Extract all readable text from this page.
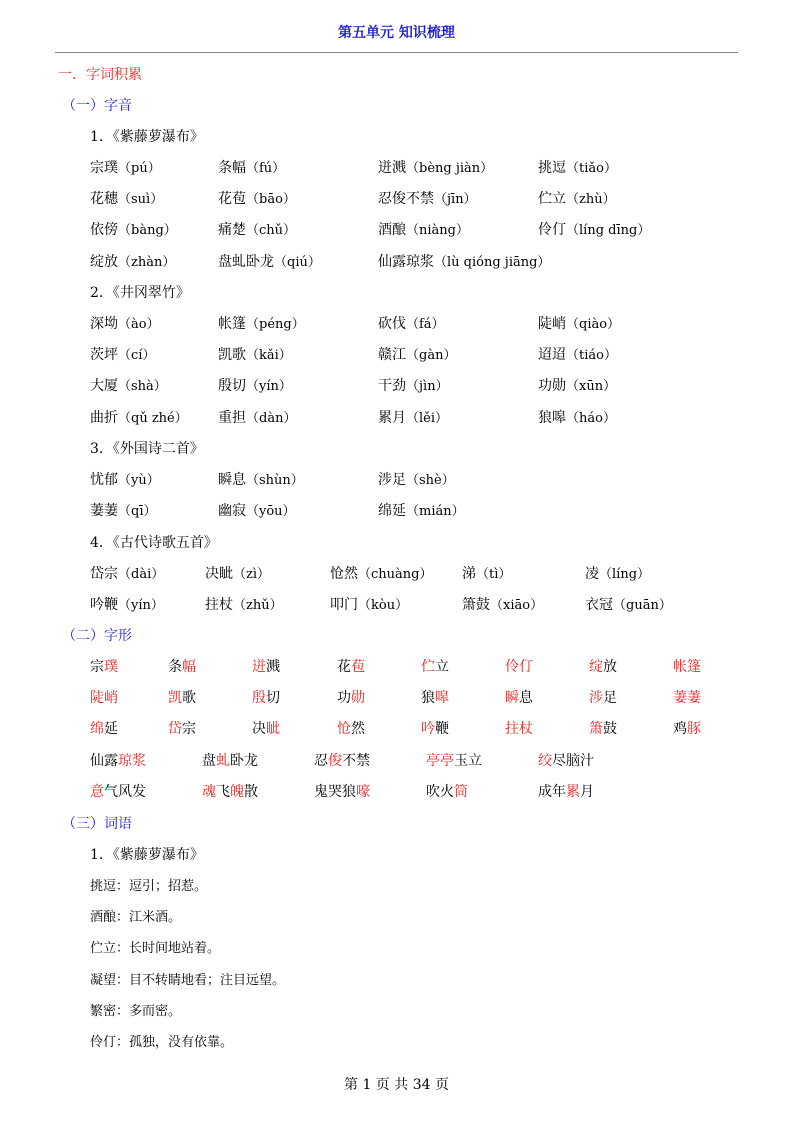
第五单元 知识梳理
一．字词积累
（一）字音
1．《紫藤萝瀑布》
宗璞（pú）	条幅（fú）	迸溅（bèng jiàn）	挑逗（tiǎo）
花穗（suì）	花苞（bāo）	忍俊不禁（jīn）	伫立（zhù）
依傍（bàng）	痛楚（chǔ）	酒酿（niàng）	伶仃（líng dīng）
绽放（zhàn）	盘虬卧龙（qiú）	仙露琼浆（lù qióng jiāng）
2．《井冈翠竹》
深坳（ào）	帐篷（péng）	砍伐（fá）	陡峭（qiào）
茨坪（cí）	凯歌（kǎi）	赣江（gàn）	迢迢（tiáo）
大厦（shà）	殷切（yín）	干劲（jìn）	功勋（xūn）
曲折（qǔ zhé） 重担（dàn）	累月（lěi）	狼嗥（háo）
3．《外国诗二首》
忧郁（yù）	瞬息（shùn）	涉足（shè）
萋萋（qī）	幽寂（yōu）	绵延（mián）
4．《古代诗歌五首》
岱宗（dài）	决眦（zì）	怆然（chuàng） 涕（tì）	凌（líng）
吟鞭（yín）	拄杖（zhǔ）	叩门（kòu）	箫鼓（xiāo）	衣冠（guān）
（二）字形
宗璞	条幅	迸溅	花苞	伫立	伶仃	绽放	帐篷
陡峭	凯歌	殷切	功勋	狼嗥	瞬息	涉足	萋萋
绵延	岱宗	决眦	怆然	吟鞭	拄杖	箫鼓	鸡豚
仙露琼浆	盘虬卧龙	忍俊不禁	亭亭玉立	绞尽脑汁
意气风发	魂飞魄散	鬼哭狼嚎	吹火筒	成年累月
（三）词语
1．《紫藤萝瀑布》
挑逗：逗引；招惹。
酒酿：江米酒。
伫立：长时间地站着。
凝望：目不转睛地看；注目远望。
繁密：多而密。
伶仃：孤独，没有依靠。
第 1 页 共 34 页
